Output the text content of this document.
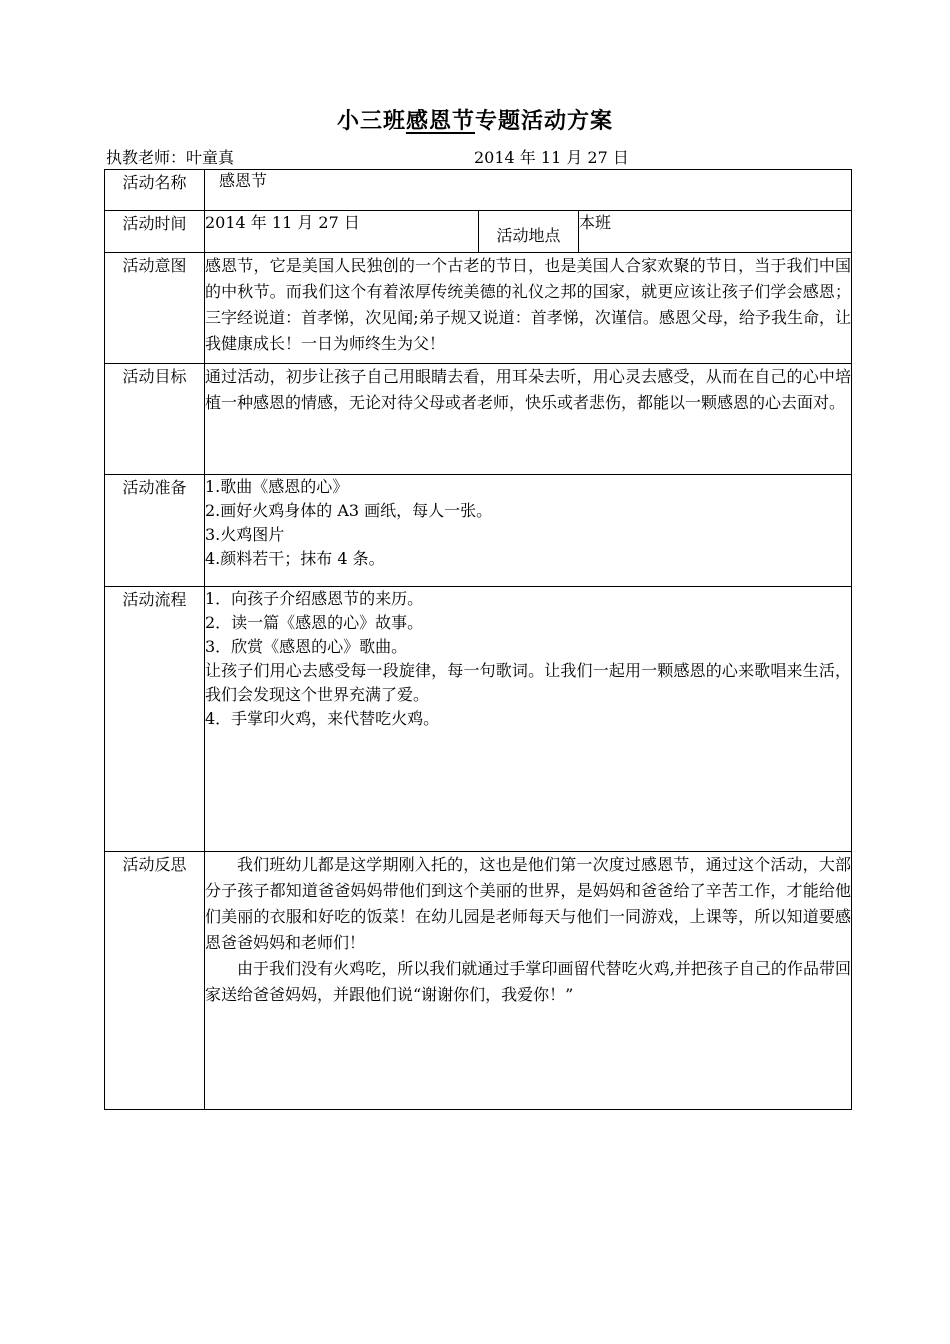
小三班感恩节专题活动方案
执教老师：叶童真	2014 年 11 月 27 日
活动名称	感恩节		
活动时间	2014 年 11 月 27 日	活动地点	本班
活动意图	感恩节，它是美国人民独创的一个古老的节日，也是美国人合家欢聚的节日，当于我们中国的中秋节。而我们这个有着浓厚传统美德的礼仪之邦的国家，就更应该让孩子们学会感恩；三字经说道：首孝悌，次见闻;弟子规又说道：首孝悌，次谨信。感恩父母，给予我生命，让我健康成长！一日为师终生为父！		
活动目标	通过活动，初步让孩子自己用眼睛去看，用耳朵去听，用心灵去感受，从而在自己的心中培植一种感恩的情感，无论对待父母或者老师，快乐或者悲伤，都能以一颗感恩的心去面对。		
活动准备	1.歌曲《感恩的心》
2.画好火鸡身体的 A3 画纸，每人一张。
3.火鸡图片
4.颜料若干；抹布 4 条。		

活动流程	1．向孩子介绍感恩节的来历。
2．读一篇《感恩的心》故事。
3．欣赏《感恩的心》歌曲。
让孩子们用心去感受每一段旋律，每一句歌词。让我们一起用一颗感恩的心来歌唱来生活，我们会发现这个世界充满了爱。
4．手掌印火鸡，来代替吃火鸡。		

活动反思	我们班幼儿都是这学期刚入托的，这也是他们第一次度过感恩节，通过这个活动，大部分子孩子都知道爸爸妈妈带他们到这个美丽的世界，是妈妈和爸爸给了辛苦工作，才能给他们美丽的衣服和好吃的饭菜！在幼儿园是老师每天与他们一同游戏，上课等，所以知道要感恩爸爸妈妈和老师们！
由于我们没有火鸡吃，所以我们就通过手掌印画留代替吃火鸡,并把孩子自己的作品带回家送给爸爸妈妈，并跟他们说“谢谢你们，我爱你！”		
